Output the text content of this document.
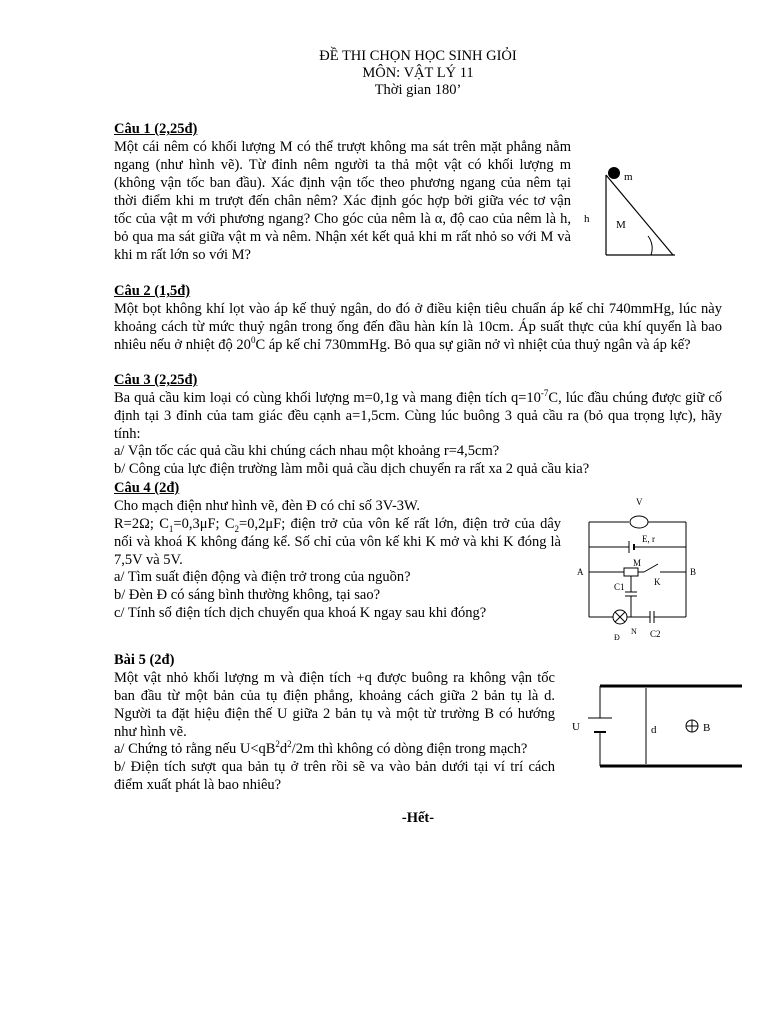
ĐỀ THI CHỌN HỌC SINH GIỎI
MÔN: VẬT LÝ 11
Thời gian 180’
Câu 1 (2,25đ)

Một cái nêm có khối lượng M có thể trượt không ma sát trên mặt phẳng nằm ngang (như hình vẽ). Từ đỉnh nêm người ta thả một vật có khối lượng m (không vận tốc ban đầu). Xác định vận tốc theo phương ngang của nêm tại thời điểm khi m trượt đến chân nêm? Xác định góc hợp bởi giữa véc tơ vận tốc của vật m với phương ngang? Cho góc của nêm là α, độ cao của nêm là h, bỏ qua ma sát giữa vật m và nêm. Nhận xét kết quả khi m rất nhỏ so với M và khi m rất lớn so với M?

m
M
h
Câu 2 (1,5đ)

Một bọt không khí lọt vào áp kế thuỷ ngân, do đó ở điều kiện tiêu chuẩn áp kế chỉ 740mmHg, lúc này khoảng cách từ mức thuỷ ngân trong ống đến đầu hàn kín là 10cm. Áp suất thực của khí quyển là bao nhiêu nếu ở nhiệt độ $20^0C$ áp kế chỉ 730mmHg. Bỏ qua sự giãn nở vì nhiệt của thuỷ ngân và áp kế?

Câu 3 (2,25đ)

Ba quả cầu kim loại có cùng khối lượng m=0,1g và mang điện tích $q=10^{-7}C$, lúc đầu chúng được giữ cố định tại 3 đỉnh của tam giác đều cạnh a=1,5cm. Cùng lúc buông 3 quả cầu ra (bỏ qua trọng lực), hãy tính:

a/ Vận tốc các quả cầu khi chúng cách nhau một khoảng r=4,5cm?
b/ Công của lực điện trường làm mỗi quả cầu dịch chuyển ra rất xa 2 quả cầu kia?
Câu 4 (2đ)
Cho mạch điện như hình vẽ, đèn Đ có chỉ số 3V-3W.

R=2Ω; $C_1=0,3\mu F$; $C_2=0,2\mu F$; điện trở của vôn kế rất lớn, điện trở của dây nối và khoá K không đáng kể. Số chỉ của vôn kế khi K mở và khi K đóng là 7,5V và 5V.

a/ Tìm suất điện động và điện trở trong của nguồn?
b/ Đèn Đ có sáng bình thường không, tại sao?
c/ Tính số điện tích dịch chuyển qua khoá K ngay sau khi đóng?
V
E, r
A	B
M
K
C1
N
Đ	C2
Bài 5 (2đ)

Một vật nhỏ khối lượng m và điện tích +q được buông ra không vận tốc ban đầu từ một bản của tụ điện phẳng, khoảng cách giữa 2 bản tụ là d. Người ta đặt hiệu điện thế U giữa 2 bản tụ và một từ trường B có hướng như hình vẽ.

a/ Chứng tỏ rằng nếu $U<qB^2d^2/2m$ thì không có dòng điện trong mạch?

b/ Điện tích sượt qua bản tụ ở trên rồi sẽ va vào bản dưới tại ví trí cách điểm xuất phát là bao nhiêu?

U	d	B
-Hết-
